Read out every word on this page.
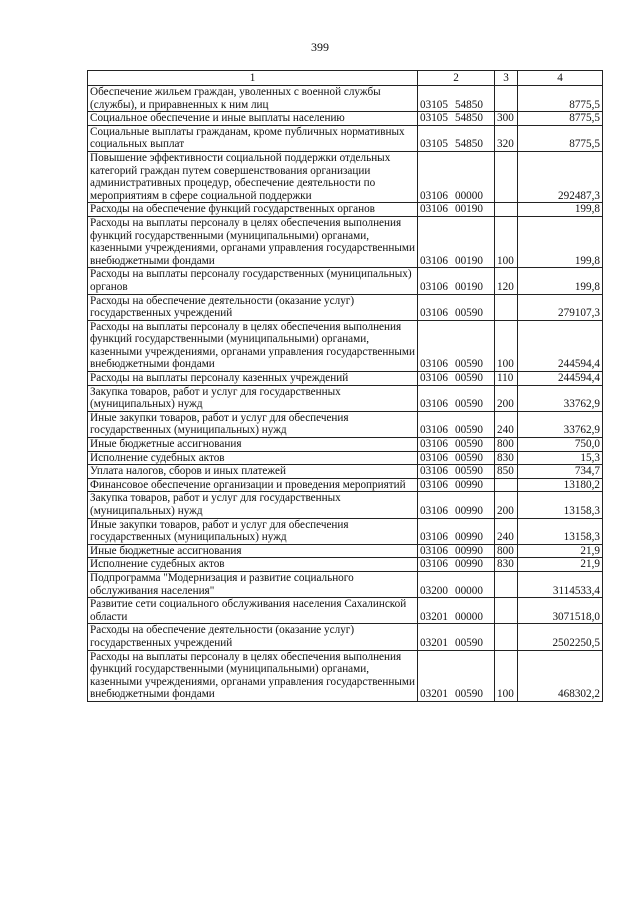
399
1	2	3	4
Обеспечение жильем граждан, уволенных с военной службы (службы), и приравненных к ним лиц	03105 54850		8775,5
Социальное обеспечение и иные выплаты населению	03105 54850	300	8775,5
Социальные выплаты гражданам, кроме публичных нормативных социальных выплат	03105 54850	320	8775,5
Повышение эффективности социальной поддержки отдельных категорий граждан путем совершенствования организации административных процедур, обеспечение деятельности по мероприятиям в сфере социальной поддержки	03106 00000		292487,3
Расходы на обеспечение функций государственных органов	03106 00190		199,8
Расходы на выплаты персоналу в целях обеспечения выполнения функций государственными (муниципальными) органами, казенными учреждениями, органами управления государственными внебюджетными фондами	03106 00190	100	199,8
Расходы на выплаты персоналу государственных (муниципальных) органов	03106 00190	120	199,8
Расходы на обеспечение деятельности (оказание услуг) государственных учреждений	03106 00590		279107,3
Расходы на выплаты персоналу в целях обеспечения выполнения функций государственными (муниципальными) органами, казенными учреждениями, органами управления государственными внебюджетными фондами	03106 00590	100	244594,4
Расходы на выплаты персоналу казенных учреждений	03106 00590	110	244594,4
Закупка товаров, работ и услуг для государственных (муниципальных) нужд	03106 00590	200	33762,9
Иные закупки товаров, работ и услуг для обеспечения государственных (муниципальных) нужд	03106 00590	240	33762,9
Иные бюджетные ассигнования	03106 00590	800	750,0
Исполнение судебных актов	03106 00590	830	15,3
Уплата налогов, сборов и иных платежей	03106 00590	850	734,7
Финансовое обеспечение организации и проведения мероприятий	03106 00990		13180,2
Закупка товаров, работ и услуг для государственных (муниципальных) нужд	03106 00990	200	13158,3
Иные закупки товаров, работ и услуг для обеспечения государственных (муниципальных) нужд	03106 00990	240	13158,3
Иные бюджетные ассигнования	03106 00990	800	21,9
Исполнение судебных актов	03106 00990	830	21,9
Подпрограмма "Модернизация и развитие социального обслуживания населения"	03200 00000		3114533,4
Развитие сети социального обслуживания населения Сахалинской области	03201 00000		3071518,0
Расходы на обеспечение деятельности (оказание услуг) государственных учреждений	03201 00590		2502250,5
Расходы на выплаты персоналу в целях обеспечения выполнения функций государственными (муниципальными) органами, казенными учреждениями, органами управления государственными внебюджетными фондами	03201 00590	100	468302,2
